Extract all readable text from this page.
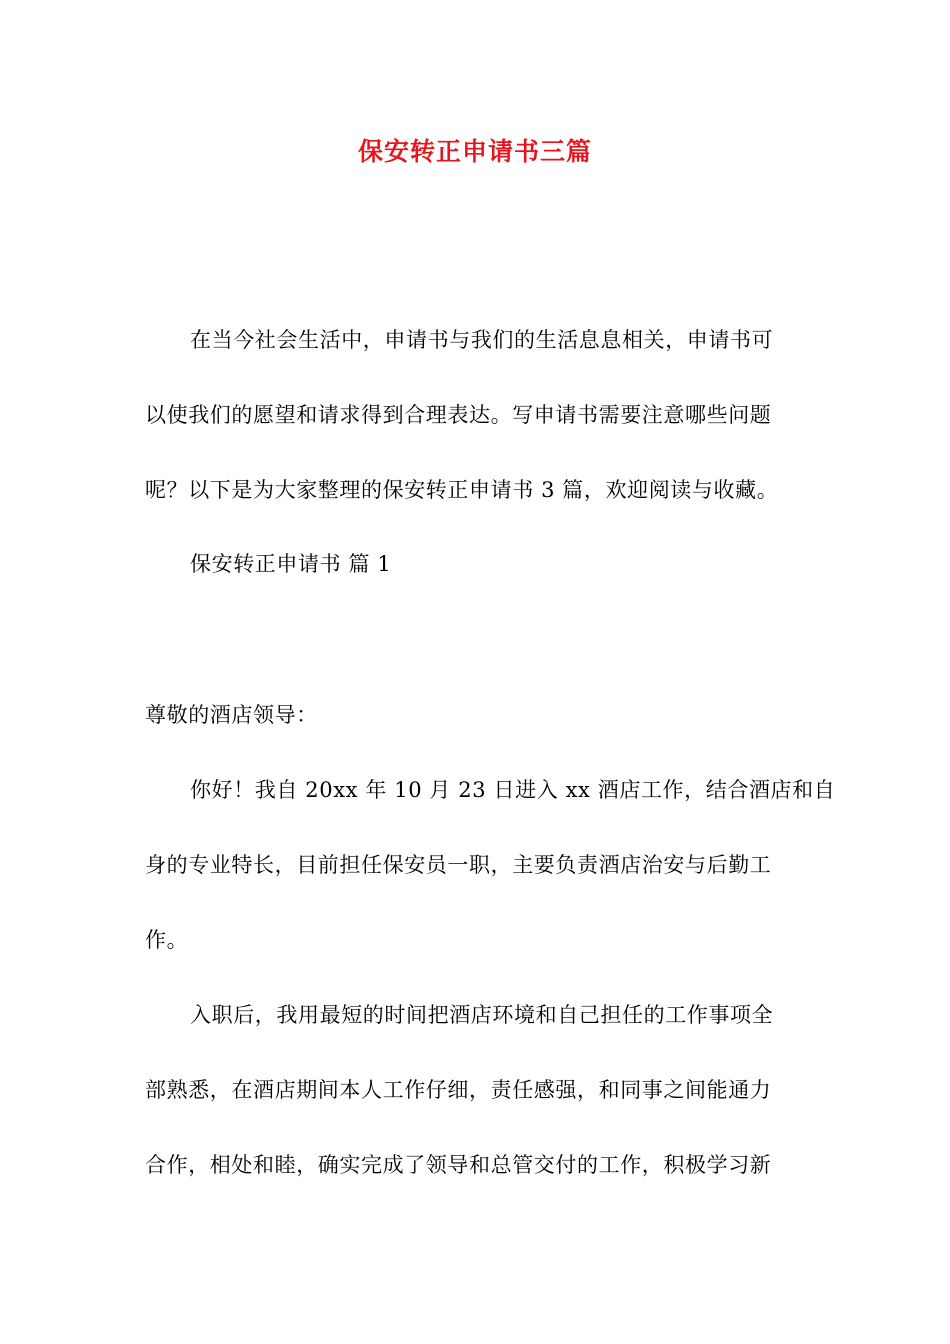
保安转正申请书三篇
在当今社会生活中，申请书与我们的生活息息相关，申请书可
以使我们的愿望和请求得到合理表达。写申请书需要注意哪些问题
呢？以下是为大家整理的保安转正申请书 3 篇，欢迎阅读与收藏。
保安转正申请书 篇 1
尊敬的酒店领导：
你好！我自 20xx 年 10 月 23 日进入 xx 酒店工作，结合酒店和自
身的专业特长，目前担任保安员一职，主要负责酒店治安与后勤工
作。
入职后，我用最短的时间把酒店环境和自己担任的工作事项全
部熟悉，在酒店期间本人工作仔细，责任感强，和同事之间能通力
合作，相处和睦，确实完成了领导和总管交付的工作，积极学习新
